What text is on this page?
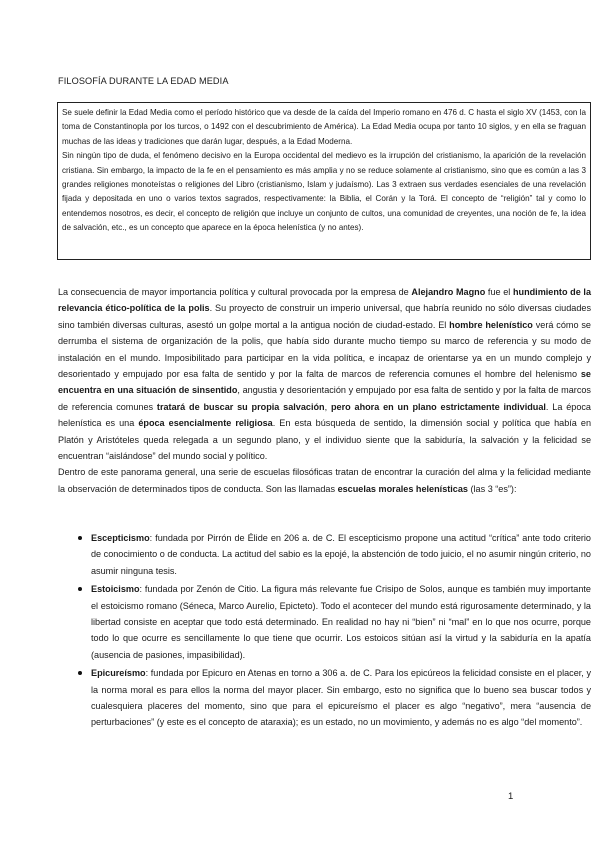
FILOSOFÍA DURANTE LA EDAD MEDIA

Se suele definir la Edad Media como el período histórico que va desde de la caída del Imperio romano en 476 d. C hasta el siglo XV (1453, con la toma de Constantinopla por los turcos, o 1492 con el descubrimiento de América). La Edad Media ocupa por tanto 10 siglos, y en ella se fraguan muchas de las ideas y tradiciones que darán lugar, después, a la Edad Moderna.

Sin ningún tipo de duda, el fenómeno decisivo en la Europa occidental del medievo es la irrupción del cristianismo, la aparición de la revelación cristiana. Sin embargo, la impacto de la fe en el pensamiento es más amplia y no se reduce solamente al cristianismo, sino que es común a las 3 grandes religiones monoteístas o religiones del Libro (cristianismo, Islam y judaísmo). Las 3 extraen sus verdades esenciales de una revelación fijada y depositada en uno o varios textos sagrados, respectivamente: la Biblia, el Corán y la Torá. El concepto de “religión” tal y como lo entendemos nosotros, es decir, el concepto de religión que incluye un conjunto de cultos, una comunidad de creyentes, una noción de fe, la idea de salvación, etc., es un concepto que aparece en la época helenística (y no antes).

La consecuencia de mayor importancia política y cultural provocada por la empresa de Alejandro Magno fue el hundimiento de la relevancia ético-política de la polis. Su proyecto de construir un imperio universal, que habría reunido no sólo diversas ciudades sino también diversas culturas, asestó un golpe mortal a la antigua noción de ciudad-estado. El hombre helenístico verá cómo se derrumba el sistema de organización de la polis, que había sido durante mucho tiempo su marco de referencia y su modo de instalación en el mundo. Imposibilitado para participar en la vida política, e incapaz de orientarse ya en un mundo complejo y desorientado y empujado por esa falta de sentido y por la falta de marcos de referencia comunes el hombre del helenismo se encuentra en una situación de sinsentido, angustia y desorientación y empujado por esa falta de sentido y por la falta de marcos de referencia comunes tratará de buscar su propia salvación, pero ahora en un plano estrictamente individual. La época helenística es una época esencialmente religiosa. En esta búsqueda de sentido, la dimensión social y política que había en Platón y Aristóteles queda relegada a un segundo plano, y el individuo siente que la sabiduría, la salvación y la felicidad se encuentran “aislándose” del mundo social y político.

Dentro de este panorama general, una serie de escuelas filosóficas tratan de encontrar la curación del alma y la felicidad mediante la observación de determinados tipos de conducta. Son las llamadas escuelas morales helenísticas (las 3 “es”):

Escepticismo: fundada por Pirrón de Élide en 206 a. de C. El escepticismo propone una actitud “crítica” ante todo criterio de conocimiento o de conducta. La actitud del sabio es la epojé, la abstención de todo juicio, el no asumir ningún criterio, no asumir ninguna tesis.
Estoicismo: fundada por Zenón de Citio. La figura más relevante fue Crisipo de Solos, aunque es también muy importante el estoicismo romano (Séneca, Marco Aurelio, Epicteto). Todo el acontecer del mundo está rigurosamente determinado, y la libertad consiste en aceptar que todo está determinado. En realidad no hay ni “bien” ni “mal” en lo que nos ocurre, porque todo lo que ocurre es sencillamente lo que tiene que ocurrir. Los estoicos sitúan así la virtud y la sabiduría en la apatía (ausencia de pasiones, impasibilidad).
Epicureísmo: fundada por Epicuro en Atenas en torno a 306 a. de C. Para los epicúreos la felicidad consiste en el placer, y la norma moral es para ellos la norma del mayor placer. Sin embargo, esto no significa que lo bueno sea buscar todos y cualesquiera placeres del momento, sino que para el epicureísmo el placer es algo “negativo”, mera “ausencia de perturbaciones” (y este es el concepto de ataraxia); es un estado, no un movimiento, y además no es algo “del momento”.
1
